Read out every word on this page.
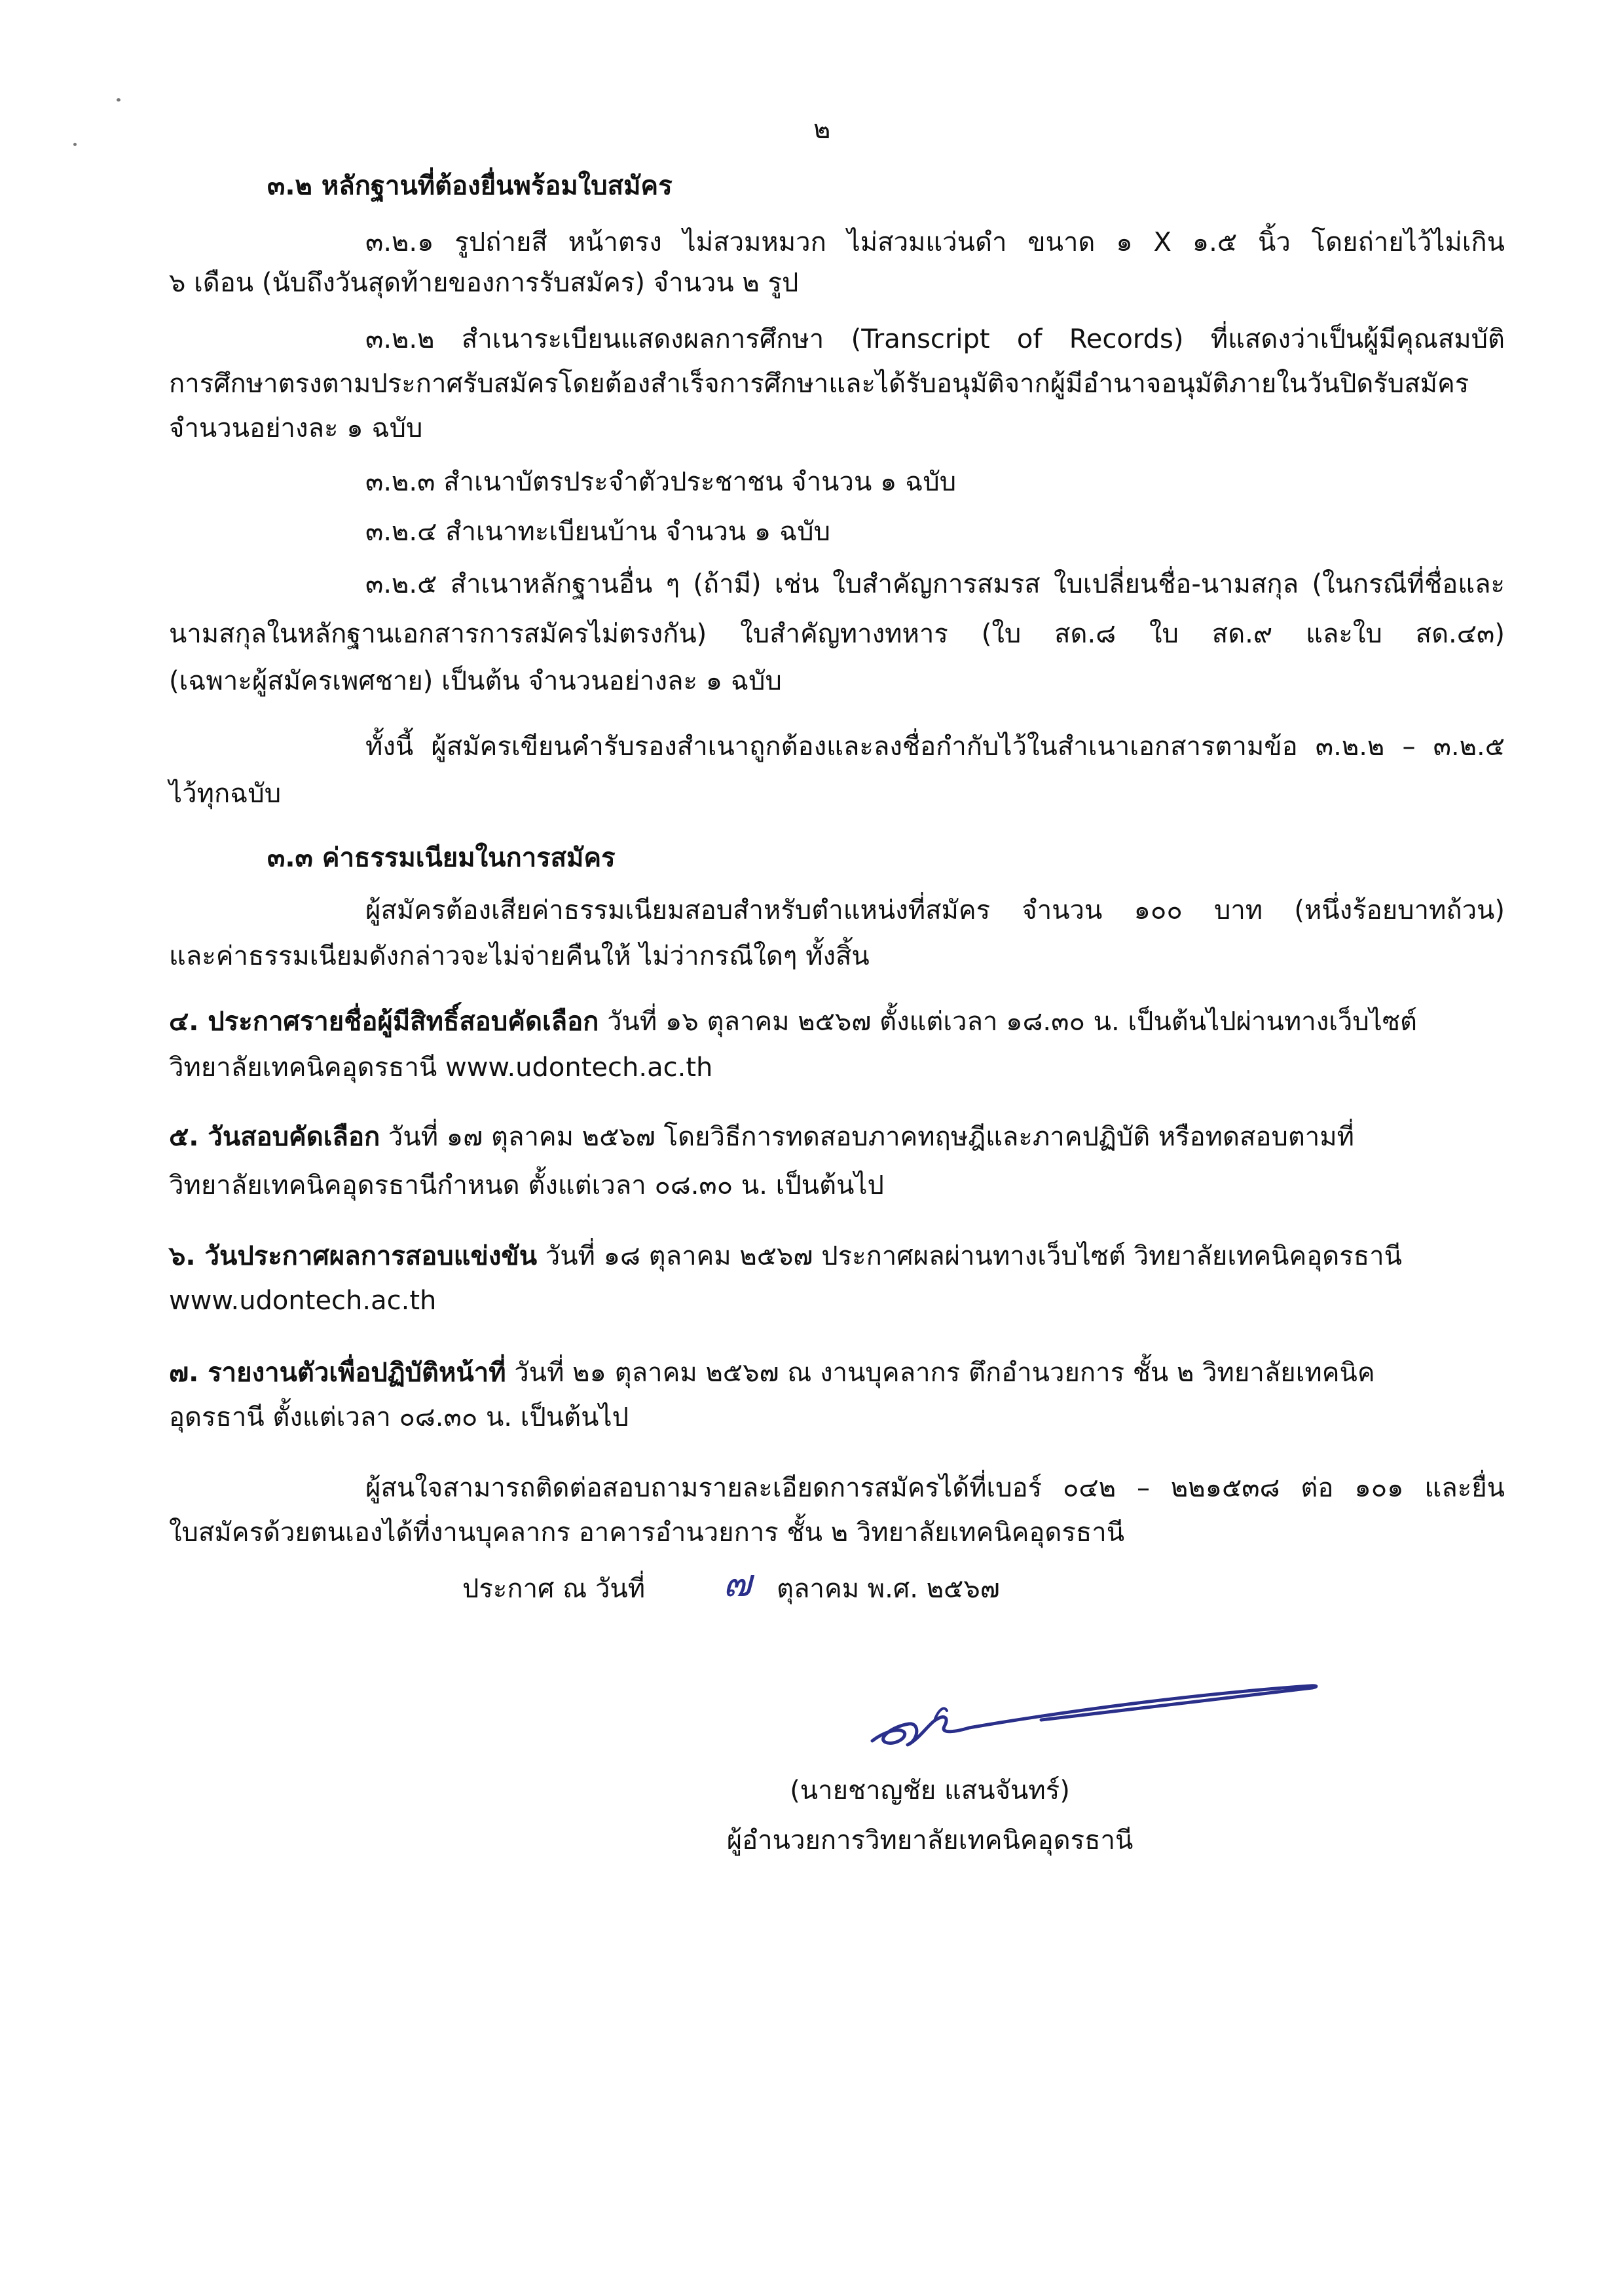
๒
๓.๒ หลักฐานที่ต้องยื่นพร้อมใบสมัคร
๓.๒.๑ รูปถ่ายสี หน้าตรง ไม่สวมหมวก ไม่สวมแว่นดำ ขนาด ๑ X ๑.๕ นิ้ว โดยถ่ายไว้ไม่เกิน
๖ เดือน (นับถึงวันสุดท้ายของการรับสมัคร) จำนวน ๒ รูป
๓.๒.๒ สำเนาระเบียนแสดงผลการศึกษา (Transcript of Records) ที่แสดงว่าเป็นผู้มีคุณสมบัติ
การศึกษาตรงตามประกาศรับสมัครโดยต้องสำเร็จการศึกษาและได้รับอนุมัติจากผู้มีอำนาจอนุมัติภายในวันปิดรับสมัคร
จำนวนอย่างละ ๑ ฉบับ
๓.๒.๓ สำเนาบัตรประจำตัวประชาชน จำนวน ๑ ฉบับ
๓.๒.๔ สำเนาทะเบียนบ้าน จำนวน ๑ ฉบับ
๓.๒.๕ สำเนาหลักฐานอื่น ๆ (ถ้ามี) เช่น ใบสำคัญการสมรส ใบเปลี่ยนชื่อ-นามสกุล (ในกรณีที่ชื่อและ
นามสกุลในหลักฐานเอกสารการสมัครไม่ตรงกัน) ใบสำคัญทางทหาร (ใบ สด.๘ ใบ สด.๙ และใบ สด.๔๓)
(เฉพาะผู้สมัครเพศชาย) เป็นต้น จำนวนอย่างละ ๑ ฉบับ
ทั้งนี้ ผู้สมัครเขียนคำรับรองสำเนาถูกต้องและลงชื่อกำกับไว้ในสำเนาเอกสารตามข้อ ๓.๒.๒ – ๓.๒.๕
ไว้ทุกฉบับ
๓.๓ ค่าธรรมเนียมในการสมัคร
ผู้สมัครต้องเสียค่าธรรมเนียมสอบสำหรับตำแหน่งที่สมัคร จำนวน ๑๐๐ บาท (หนึ่งร้อยบาทถ้วน)
และค่าธรรมเนียมดังกล่าวจะไม่จ่ายคืนให้ ไม่ว่ากรณีใดๆ ทั้งสิ้น
๔. ประกาศรายชื่อผู้มีสิทธิ์สอบคัดเลือก วันที่ ๑๖ ตุลาคม ๒๕๖๗ ตั้งแต่เวลา ๑๘.๓๐ น. เป็นต้นไปผ่านทางเว็บไซต์
วิทยาลัยเทคนิคอุดรธานี www.udontech.ac.th
๕. วันสอบคัดเลือก วันที่ ๑๗ ตุลาคม ๒๕๖๗ โดยวิธีการทดสอบภาคทฤษฎีและภาคปฏิบัติ หรือทดสอบตามที่
วิทยาลัยเทคนิคอุดรธานีกำหนด ตั้งแต่เวลา ๐๘.๓๐ น. เป็นต้นไป
๖. วันประกาศผลการสอบแข่งขัน วันที่ ๑๘ ตุลาคม ๒๕๖๗ ประกาศผลผ่านทางเว็บไซต์ วิทยาลัยเทคนิคอุดรธานี
www.udontech.ac.th
๗. รายงานตัวเพื่อปฏิบัติหน้าที่ วันที่ ๒๑ ตุลาคม ๒๕๖๗ ณ งานบุคลากร ตึกอำนวยการ ชั้น ๒ วิทยาลัยเทคนิค
อุดรธานี ตั้งแต่เวลา ๐๘.๓๐ น. เป็นต้นไป
ผู้สนใจสามารถติดต่อสอบถามรายละเอียดการสมัครได้ที่เบอร์ ๐๔๒ – ๒๒๑๕๓๘ ต่อ ๑๐๑ และยื่น
ใบสมัครด้วยตนเองได้ที่งานบุคลากร อาคารอำนวยการ ชั้น ๒ วิทยาลัยเทคนิคอุดรธานี
ประกาศ ณ วันที่ ๗ ตุลาคม พ.ศ. ๒๕๖๗
(นายชาญชัย แสนจันทร์)
ผู้อำนวยการวิทยาลัยเทคนิคอุดรธานี
